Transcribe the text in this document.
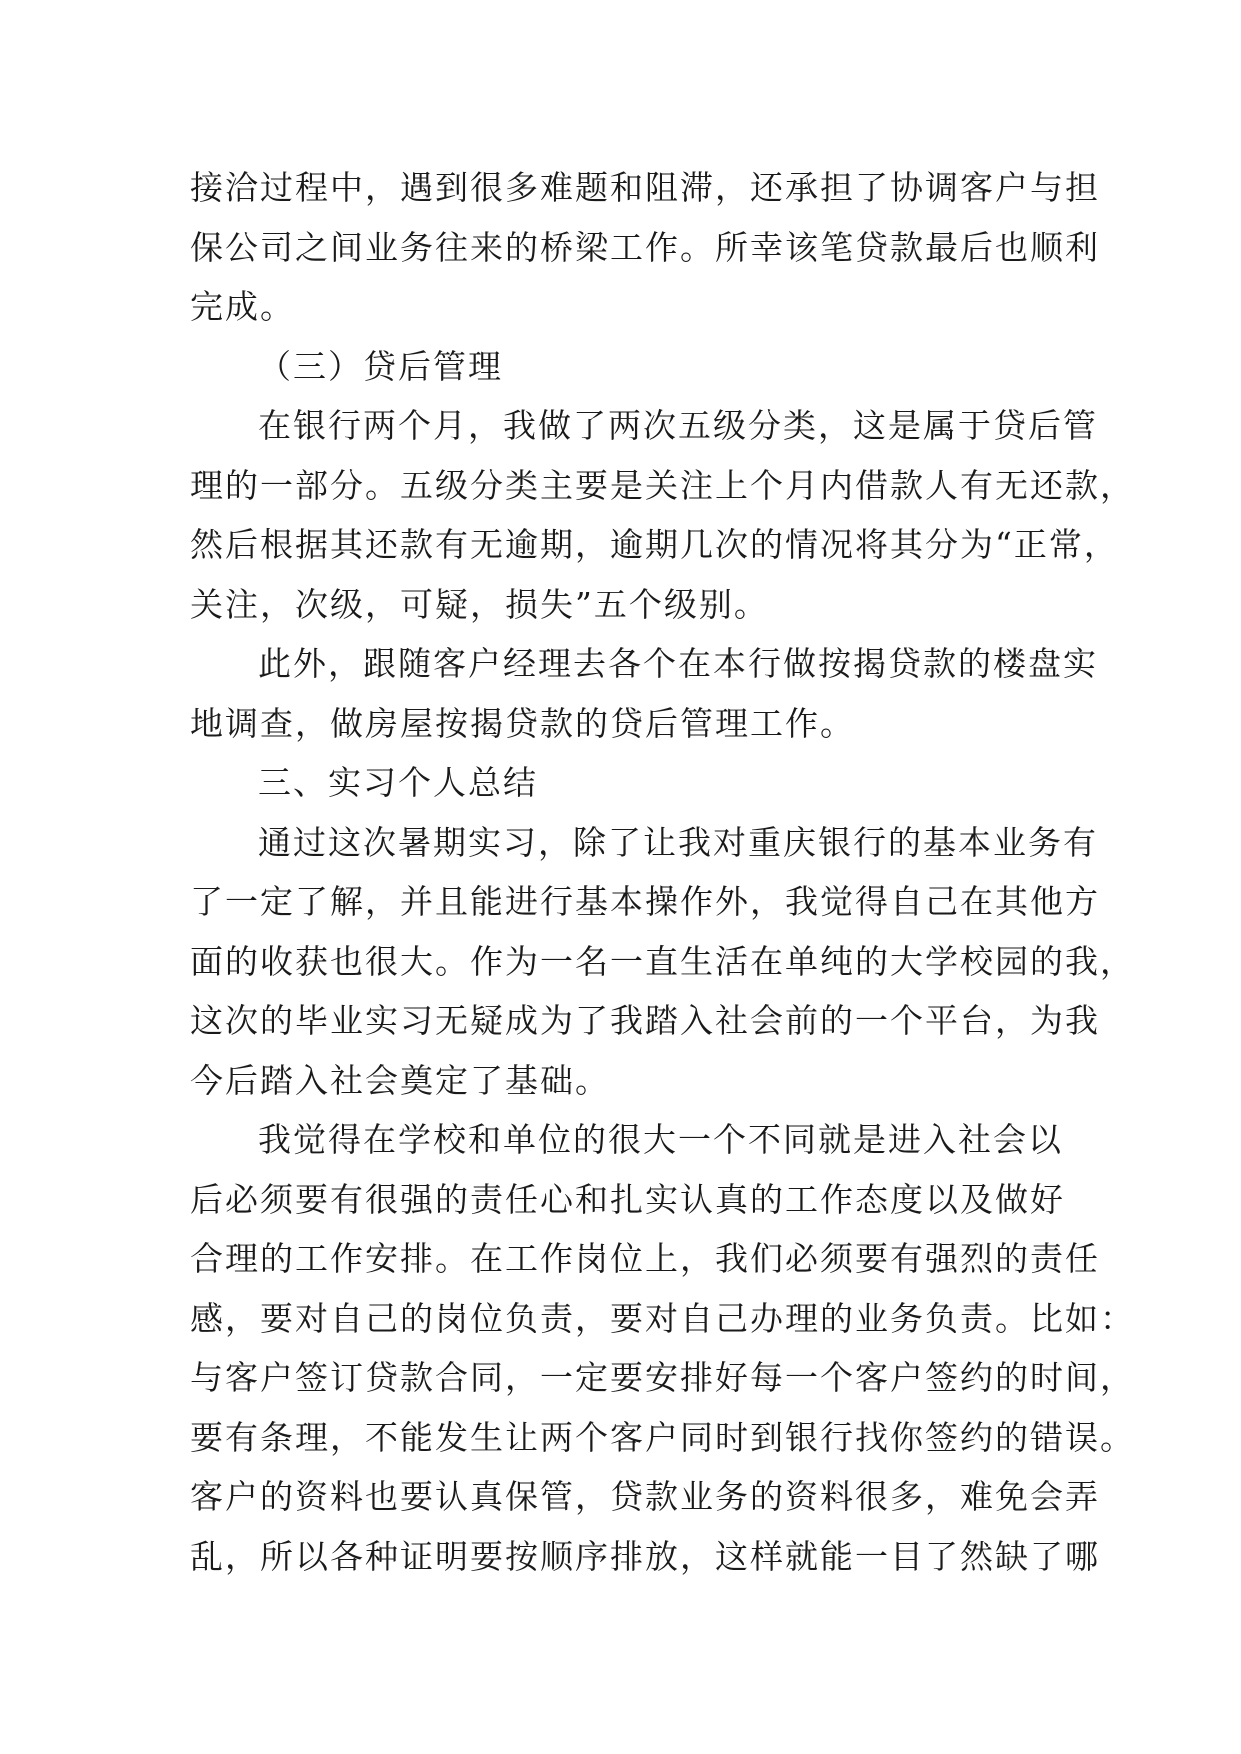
接洽过程中，遇到很多难题和阻滞，还承担了协调客户与担
保公司之间业务往来的桥梁工作。所幸该笔贷款最后也顺利
完成。
（三）贷后管理
在银行两个月，我做了两次五级分类，这是属于贷后管
理的一部分。五级分类主要是关注上个月内借款人有无还款，
然后根据其还款有无逾期，逾期几次的情况将其分为“正常，
关注，次级，可疑，损失”五个级别。
此外，跟随客户经理去各个在本行做按揭贷款的楼盘实
地调查，做房屋按揭贷款的贷后管理工作。
三、实习个人总结
通过这次暑期实习，除了让我对重庆银行的基本业务有
了一定了解，并且能进行基本操作外，我觉得自己在其他方
面的收获也很大。作为一名一直生活在单纯的大学校园的我，
这次的毕业实习无疑成为了我踏入社会前的一个平台，为我
今后踏入社会奠定了基础。
我觉得在学校和单位的很大一个不同就是进入社会以
后必须要有很强的责任心和扎实认真的工作态度以及做好
合理的工作安排。在工作岗位上，我们必须要有强烈的责任
感，要对自己的岗位负责，要对自己办理的业务负责。比如：
与客户签订贷款合同，一定要安排好每一个客户签约的时间，
要有条理，不能发生让两个客户同时到银行找你签约的错误。
客户的资料也要认真保管，贷款业务的资料很多，难免会弄
乱，所以各种证明要按顺序排放，这样就能一目了然缺了哪
